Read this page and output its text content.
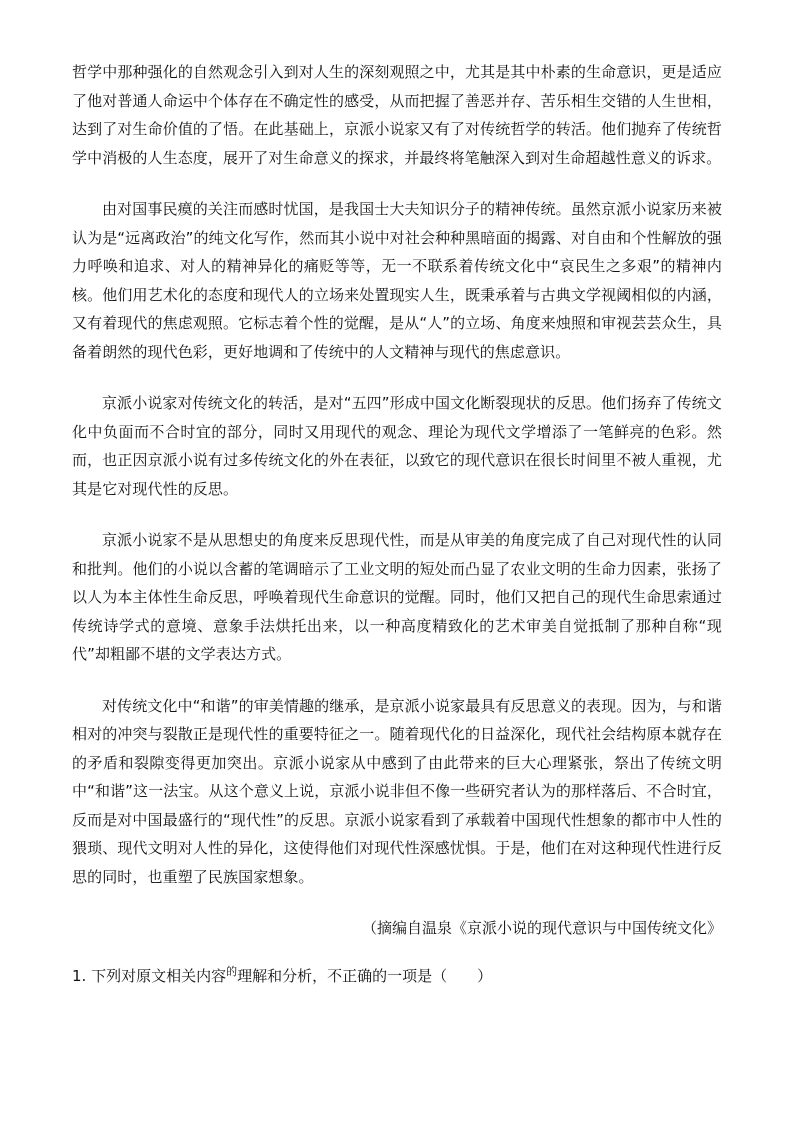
哲学中那种强化的自然观念引入到对人生的深刻观照之中，尤其是其中朴素的生命意识，更是适应了他对普通人命运中个体存在不确定性的感受，从而把握了善恶并存、苦乐相生交错的人生世相，达到了对生命价值的了悟。在此基础上，京派小说家又有了对传统哲学的转活。他们抛弃了传统哲学中消极的人生态度，展开了对生命意义的探求，并最终将笔触深入到对生命超越性意义的诉求。

由对国事民瘼的关注而感时忧国，是我国士大夫知识分子的精神传统。虽然京派小说家历来被认为是“远离政治”的纯文化写作，然而其小说中对社会种种黑暗面的揭露、对自由和个性解放的强力呼唤和追求、对人的精神异化的痛贬等等，无一不联系着传统文化中“哀民生之多艰”的精神内核。他们用艺术化的态度和现代人的立场来处置现实人生，既秉承着与古典文学视阈相似的内涵，又有着现代的焦虑观照。它标志着个性的觉醒，是从“人”的立场、角度来烛照和审视芸芸众生，具备着朗然的现代色彩，更好地调和了传统中的人文精神与现代的焦虑意识。

京派小说家对传统文化的转活，是对“五四”形成中国文化断裂现状的反思。他们扬弃了传统文化中负面而不合时宜的部分，同时又用现代的观念、理论为现代文学增添了一笔鲜亮的色彩。然而，也正因京派小说有过多传统文化的外在表征，以致它的现代意识在很长时间里不被人重视，尤其是它对现代性的反思。

京派小说家不是从思想史的角度来反思现代性，而是从审美的角度完成了自己对现代性的认同和批判。他们的小说以含蓄的笔调暗示了工业文明的短处而凸显了农业文明的生命力因素，张扬了以人为本主体性生命反思，呼唤着现代生命意识的觉醒。同时，他们又把自己的现代生命思索通过传统诗学式的意境、意象手法烘托出来，以一种高度精致化的艺术审美自觉抵制了那种自称“现代”却粗鄙不堪的文学表达方式。

对传统文化中“和谐”的审美情趣的继承，是京派小说家最具有反思意义的表现。因为，与和谐相对的冲突与裂散正是现代性的重要特征之一。随着现代化的日益深化，现代社会结构原本就存在的矛盾和裂隙变得更加突出。京派小说家从中感到了由此带来的巨大心理紧张，祭出了传统文明中“和谐”这一法宝。从这个意义上说，京派小说非但不像一些研究者认为的那样落后、不合时宜，反而是对中国最盛行的“现代性”的反思。京派小说家看到了承载着中国现代性想象的都市中人性的猥琐、现代文明对人性的异化，这使得他们对现代性深感忧惧。于是，他们在对这种现代性进行反思的同时，也重塑了民族国家想象。

（摘编自温泉《京派小说的现代意识与中国传统文化》

1. 下列对原文相关内容$^的$理解和分析，不正确的一项是（　　）
